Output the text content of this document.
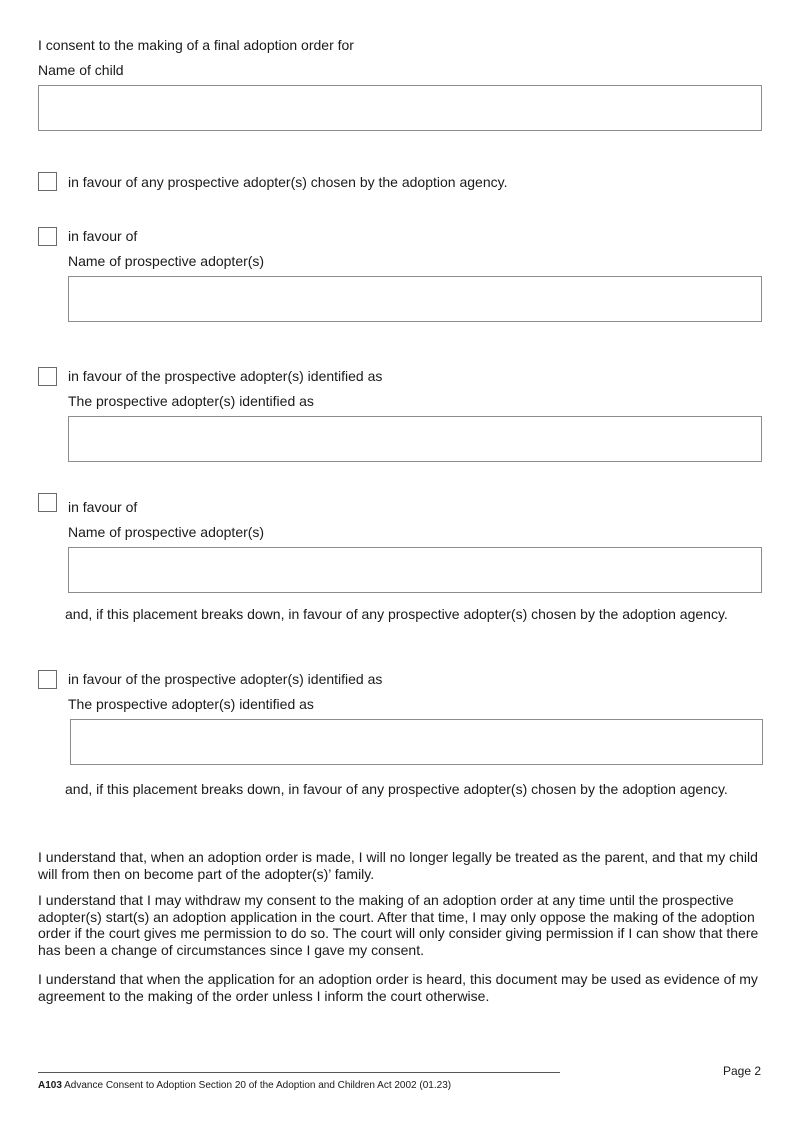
I consent to the making of a final adoption order for
Name of child
in favour of any prospective adopter(s) chosen by the adoption agency.
in favour of
Name of prospective adopter(s)
in favour of the prospective adopter(s) identified as
The prospective adopter(s) identified as
in favour of
Name of prospective adopter(s)
and, if this placement breaks down, in favour of any prospective adopter(s) chosen by the adoption agency.
in favour of the prospective adopter(s) identified as
The prospective adopter(s) identified as
and, if this placement breaks down, in favour of any prospective adopter(s) chosen by the adoption agency.
I understand that, when an adoption order is made, I will no longer legally be treated as the parent, and that my child will from then on become part of the adopter(s)’ family.
I understand that I may withdraw my consent to the making of an adoption order at any time until the prospective adopter(s) start(s) an adoption application in the court. After that time, I may only oppose the making of the adoption order if the court gives me permission to do so. The court will only consider giving permission if I can show that there has been a change of circumstances since I gave my consent.
I understand that when the application for an adoption order is heard, this document may be used as evidence of my agreement to the making of the order unless I inform the court otherwise.
Page 2
A103 Advance Consent to Adoption Section 20 of the Adoption and Children Act 2002 (01.23)
